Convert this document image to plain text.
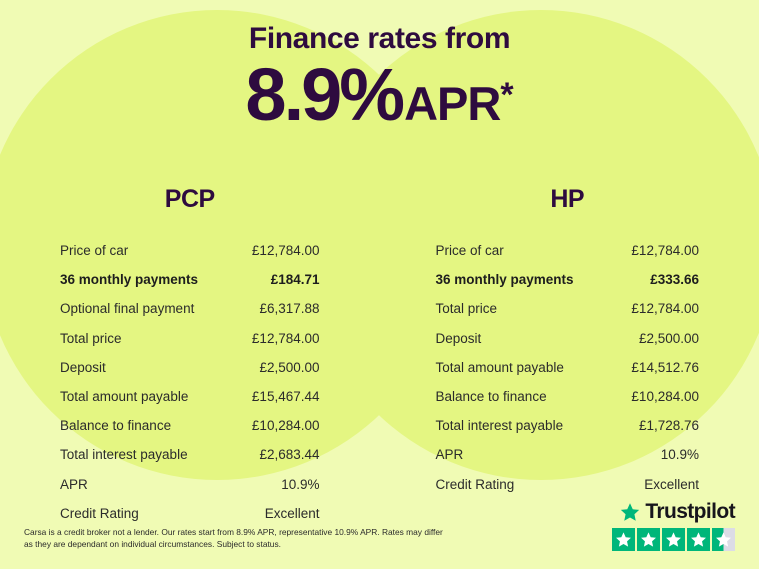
Finance rates from
8.9% APR *
PCP
Price of car	£12,784.00
36 monthly payments	£184.71
Optional final payment	£6,317.88
Total price	£12,784.00
Deposit	£2,500.00
Total amount payable	£15,467.44
Balance to finance	£10,284.00
Total interest payable	£2,683.44
APR	10.9%
Credit Rating	Excellent
HP
Price of car	£12,784.00
36 monthly payments	£333.66
Total price	£12,784.00
Deposit	£2,500.00
Total amount payable	£14,512.76
Balance to finance	£10,284.00
Total interest payable	£1,728.76
APR	10.9%
Credit Rating	Excellent
Carsa is a credit broker not a lender. Our rates start from 8.9% APR, representative 10.9% APR. Rates may differ as they are dependant on individual circumstances. Subject to status.
Trustpilot
